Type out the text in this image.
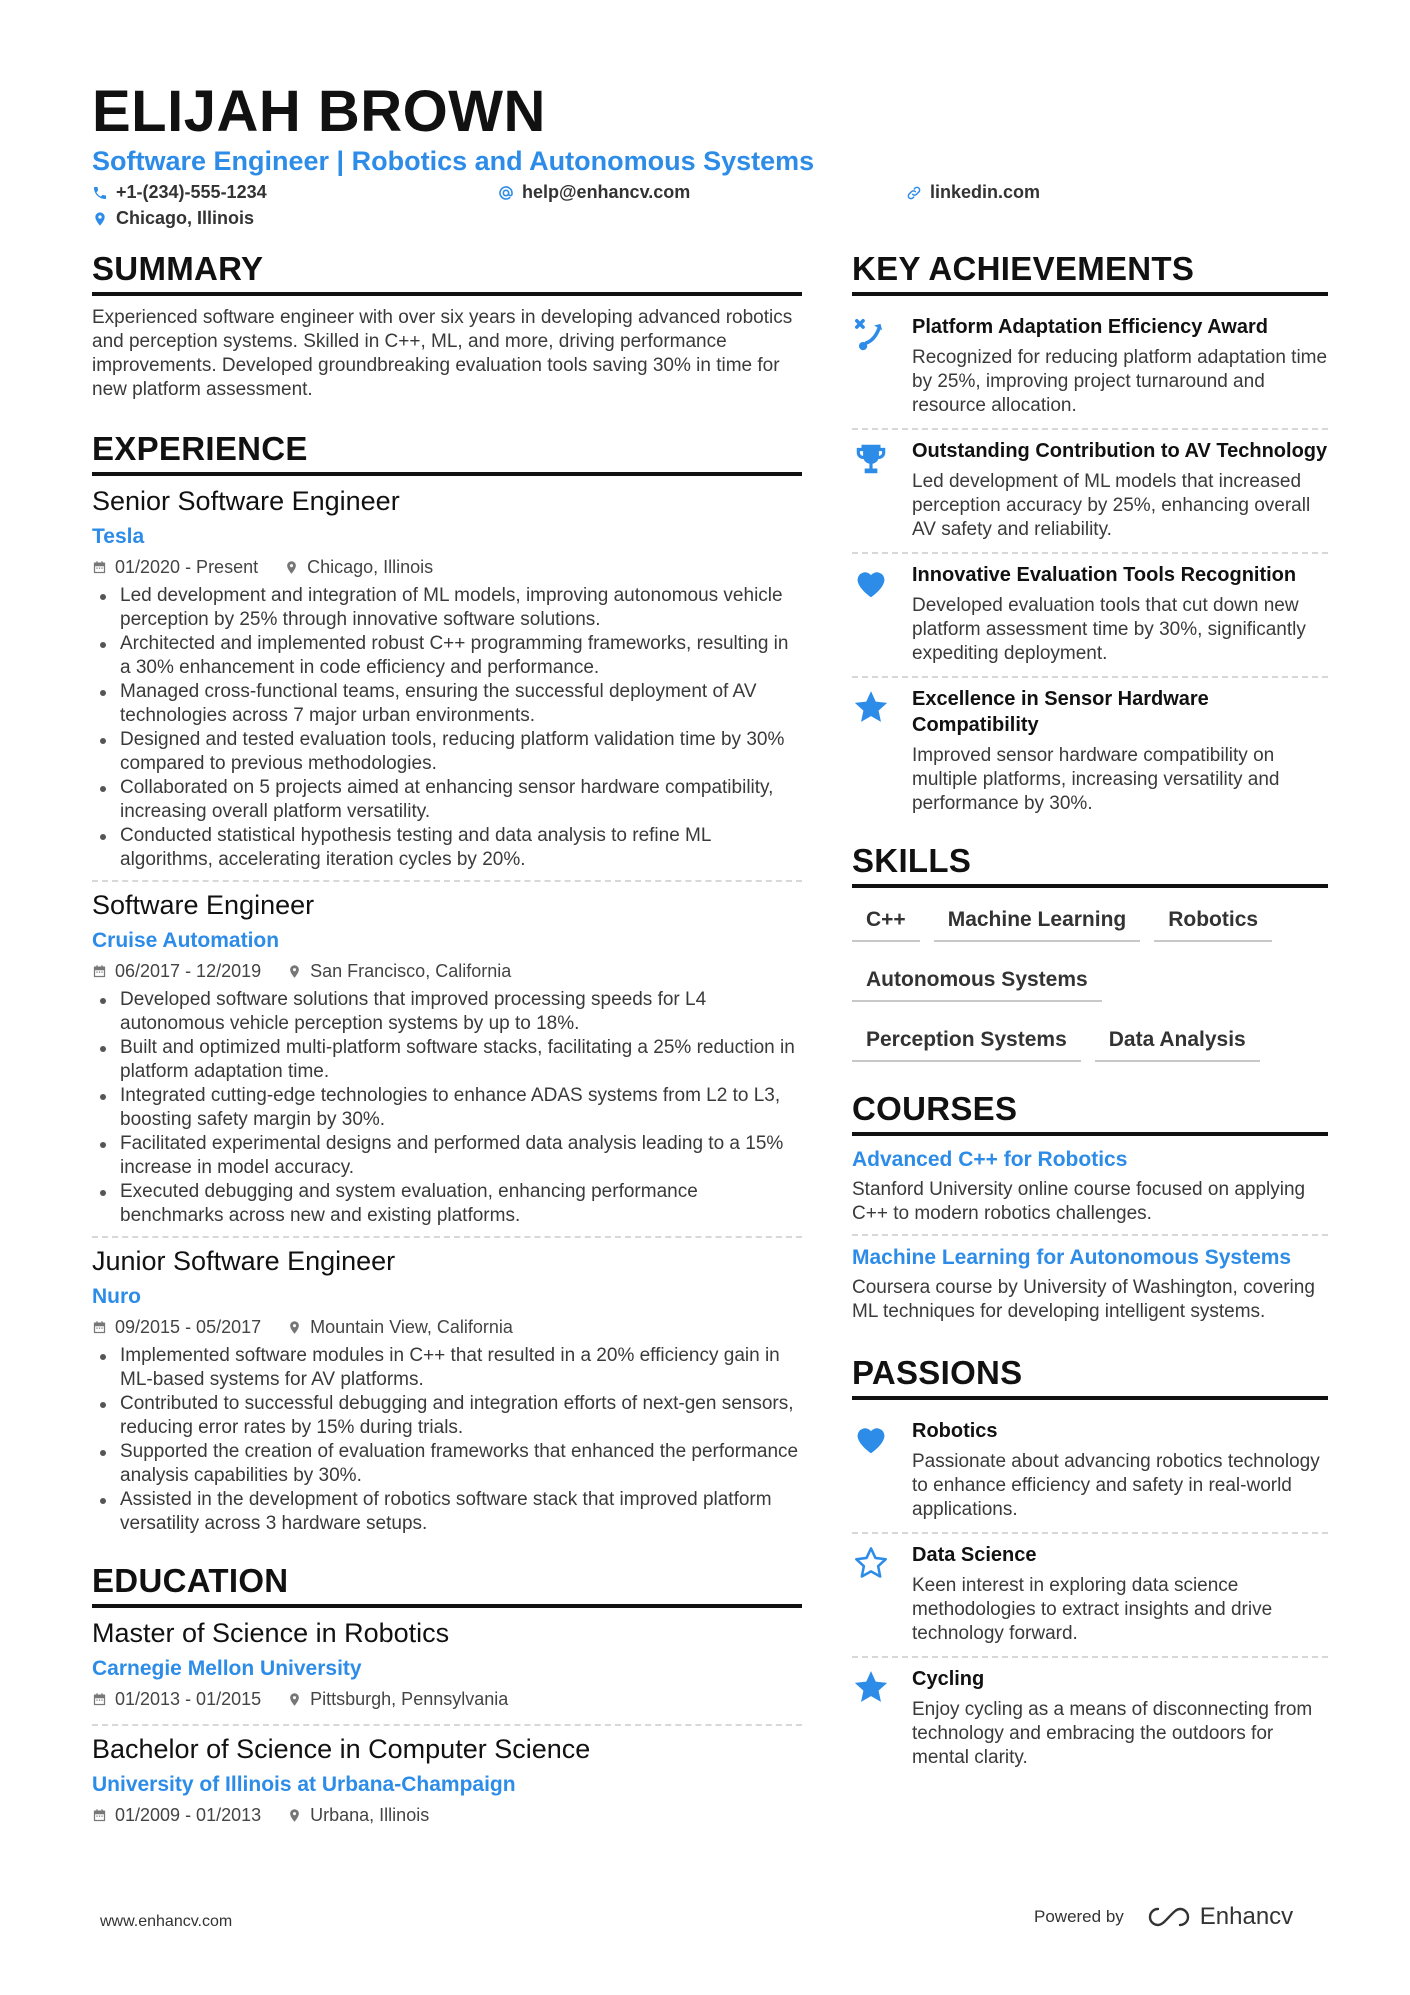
ELIJAH BROWN
Software Engineer | Robotics and Autonomous Systems
+1-(234)-555-1234	help@enhancv.com	linkedin.com
Chicago, Illinois
SUMMARY
Experienced software engineer with over six years in developing advanced robotics and perception systems. Skilled in C++, ML, and more, driving performance improvements. Developed groundbreaking evaluation tools saving 30% in time for new platform assessment.
EXPERIENCE
Senior Software Engineer
Tesla
01/2020 - Present	Chicago, Illinois
Led development and integration of ML models, improving autonomous vehicle perception by 25% through innovative software solutions.
Architected and implemented robust C++ programming frameworks, resulting in a 30% enhancement in code efficiency and performance.
Managed cross-functional teams, ensuring the successful deployment of AV technologies across 7 major urban environments.
Designed and tested evaluation tools, reducing platform validation time by 30% compared to previous methodologies.
Collaborated on 5 projects aimed at enhancing sensor hardware compatibility, increasing overall platform versatility.
Conducted statistical hypothesis testing and data analysis to refine ML algorithms, accelerating iteration cycles by 20%.
Software Engineer
Cruise Automation
06/2017 - 12/2019	San Francisco, California
Developed software solutions that improved processing speeds for L4 autonomous vehicle perception systems by up to 18%.
Built and optimized multi-platform software stacks, facilitating a 25% reduction in platform adaptation time.
Integrated cutting-edge technologies to enhance ADAS systems from L2 to L3, boosting safety margin by 30%.
Facilitated experimental designs and performed data analysis leading to a 15% increase in model accuracy.
Executed debugging and system evaluation, enhancing performance benchmarks across new and existing platforms.
Junior Software Engineer
Nuro
09/2015 - 05/2017	Mountain View, California
Implemented software modules in C++ that resulted in a 20% efficiency gain in ML-based systems for AV platforms.
Contributed to successful debugging and integration efforts of next-gen sensors, reducing error rates by 15% during trials.
Supported the creation of evaluation frameworks that enhanced the performance analysis capabilities by 30%.
Assisted in the development of robotics software stack that improved platform versatility across 3 hardware setups.
EDUCATION
Master of Science in Robotics
Carnegie Mellon University
01/2013 - 01/2015	Pittsburgh, Pennsylvania
Bachelor of Science in Computer Science
University of Illinois at Urbana-Champaign
01/2009 - 01/2013	Urbana, Illinois
KEY ACHIEVEMENTS
Platform Adaptation Efficiency Award
Recognized for reducing platform adaptation time by 25%, improving project turnaround and resource allocation.
Outstanding Contribution to AV Technology
Led development of ML models that increased perception accuracy by 25%, enhancing overall AV safety and reliability.
Innovative Evaluation Tools Recognition
Developed evaluation tools that cut down new platform assessment time by 30%, significantly expediting deployment.
Excellence in Sensor Hardware Compatibility
Improved sensor hardware compatibility on multiple platforms, increasing versatility and performance by 30%.
SKILLS
C++	Machine Learning	Robotics
Autonomous Systems
Perception Systems	Data Analysis
COURSES
Advanced C++ for Robotics
Stanford University online course focused on applying C++ to modern robotics challenges.
Machine Learning for Autonomous Systems
Coursera course by University of Washington, covering ML techniques for developing intelligent systems.
PASSIONS
Robotics
Passionate about advancing robotics technology to enhance efficiency and safety in real-world applications.
Data Science
Keen interest in exploring data science methodologies to extract insights and drive technology forward.
Cycling
Enjoy cycling as a means of disconnecting from technology and embracing the outdoors for mental clarity.
www.enhancv.com	Powered by	Enhancv
